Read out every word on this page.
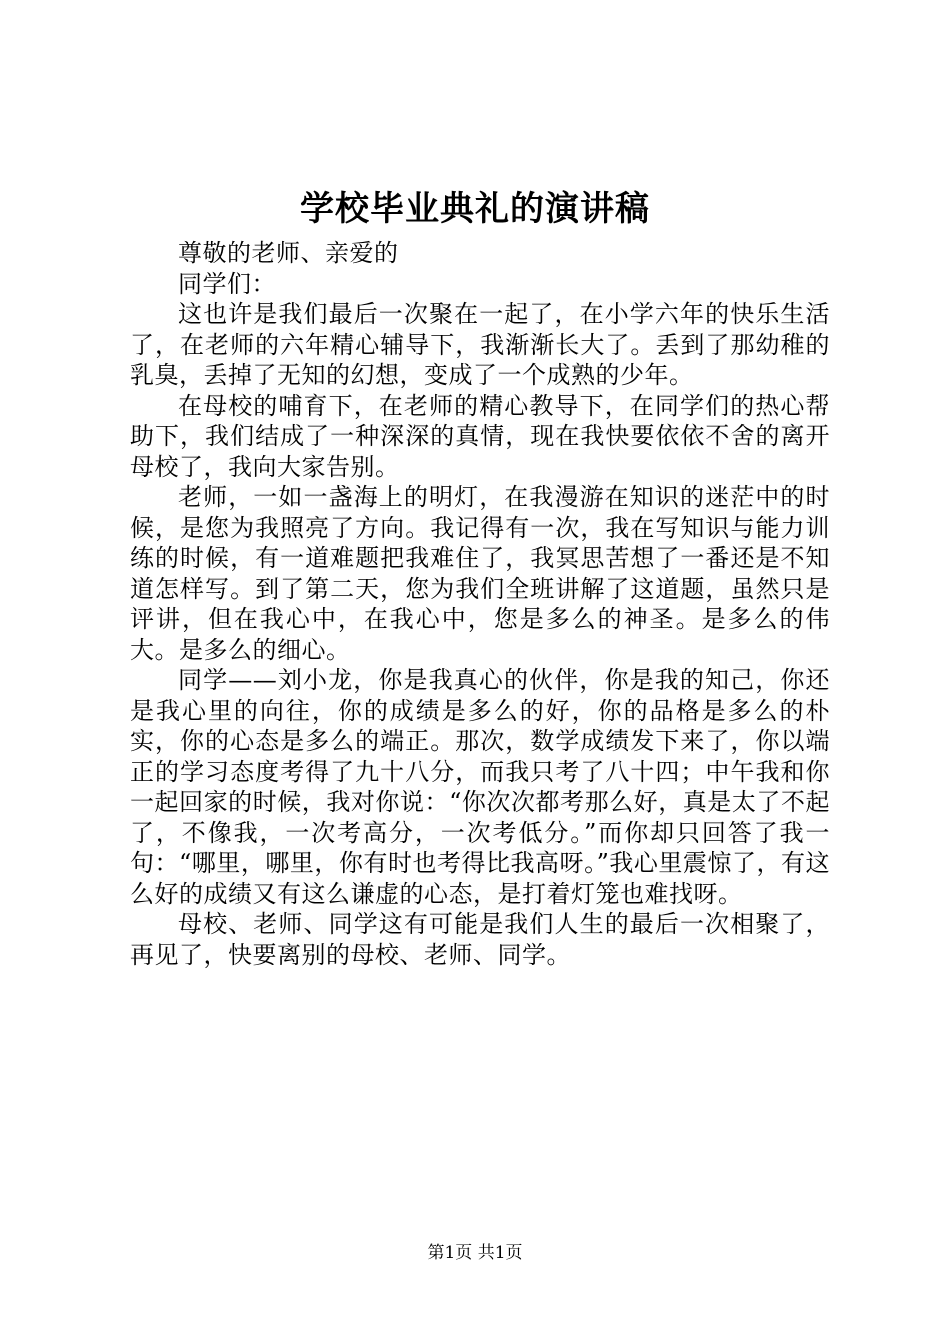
学校毕业典礼的演讲稿

尊敬的老师、亲爱的

同学们：

这也许是我们最后一次聚在一起了，在小学六年的快乐生活了，在老师的六年精心辅导下，我渐渐长大了。丢到了那幼稚的乳臭，丢掉了无知的幻想，变成了一个成熟的少年。

在母校的哺育下，在老师的精心教导下，在同学们的热心帮助下，我们结成了一种深深的真情，现在我快要依依不舍的离开母校了，我向大家告别。

老师，一如一盏海上的明灯，在我漫游在知识的迷茫中的时候，是您为我照亮了方向。我记得有一次，我在写知识与能力训练的时候，有一道难题把我难住了，我冥思苦想了一番还是不知道怎样写。到了第二天，您为我们全班讲解了这道题，虽然只是评讲，但在我心中，在我心中，您是多么的神圣。是多么的伟大。是多么的细心。

同学——刘小龙，你是我真心的伙伴，你是我的知己，你还是我心里的向往，你的成绩是多么的好，你的品格是多么的朴实，你的心态是多么的端正。那次，数学成绩发下来了，你以端正的学习态度考得了九十八分，而我只考了八十四；中午我和你一起回家的时候，我对你说：“你次次都考那么好，真是太了不起了，不像我，一次考高分，一次考低分。”而你却只回答了我一句：“哪里，哪里，你有时也考得比我高呀。”我心里震惊了，有这么好的成绩又有这么谦虚的心态，是打着灯笼也难找呀。

母校、老师、同学这有可能是我们人生的最后一次相聚了，再见了，快要离别的母校、老师、同学。

第1页 共1页
